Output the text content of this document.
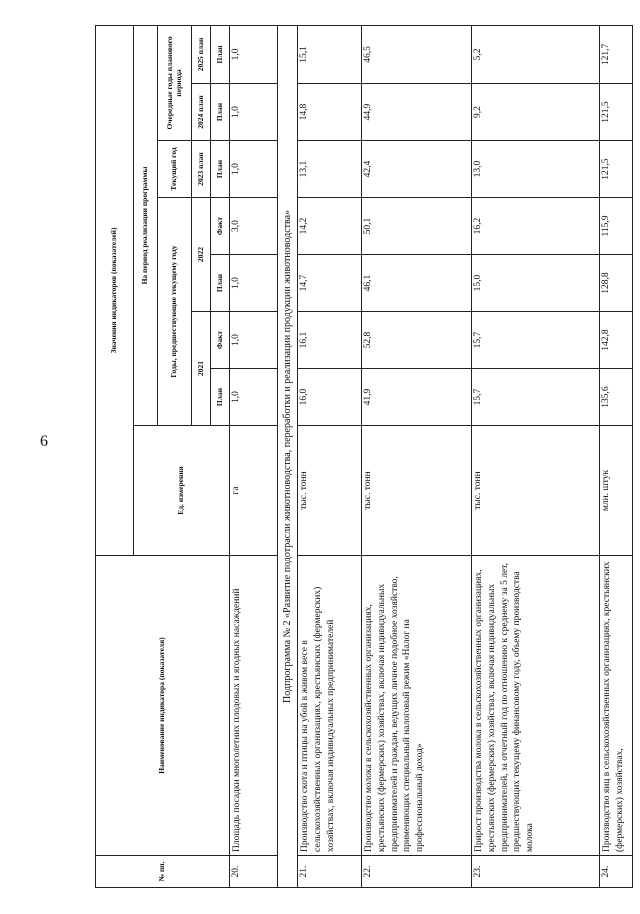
6
№ пп.	Наименование индикатора (показателя)	Значения индикаторов (показателей)							
		Ед. измерения	На период реализации программы						
			Годы, предшествующие текущему году				Текущий год	Очередные годы планового периода	
			2021		2022		2023 план	2024 план	2025 план
			План	Факт	План	Факт	План	План	План
20.	Площадь посадки многолетних плодовых и ягодных насаждений	га	1,0	1,0	1,0	3,0	1,0	1,0	1,0
Подпрограмма № 2 «Развитие подотрасли животноводства, переработки и реализации продукции животноводства»									
21.	Производство скота и птицы на убой в живом весе в сельскохозяйственных организациях, крестьянских (фермерских) хозяйствах, включая индивидуальных предпринимателей	тыс. тонн	16,0	16,1	14,7	14,2	13,1	14,8	15,1
22.	Производство молока в сельскохозяйственных организациях, крестьянских (фермерских) хозяйствах, включая индивидуальных предпринимателей и граждан, ведущих личное подобное хозяйство, применяющих специальный налоговый режим «Налог на профессиональный доход»	тыс. тонн	41,9	52,8	46,1	50,1	42,4	44,9	46,5
23.	Прирост производства молока в сельскохозяйственных организациях, крестьянских (фермерских) хозяйствах, включая индивидуальных предпринимателей, за отчетный год по отношению к среднему за 5 лет, предшествующих текущему финансовому году, объему производства молока	тыс. тонн	15,7	15,7	15,0	16,2	13,0	9,2	5,2
24.	Производство яиц в сельскохозяйственных организациях, крестьянских (фермерских) хозяйствах,	млн. штук	135,6	142,8	128,8	115,9	121,5	121,5	121,7
